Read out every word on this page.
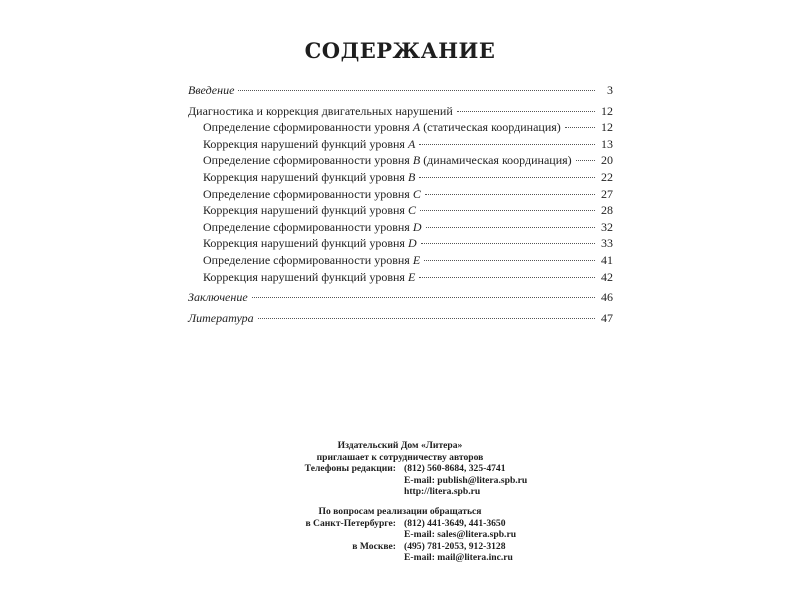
СОДЕРЖАНИЕ
Введение	3
Диагностика и коррекция двигательных нарушений	12
Определение сформированности уровня A (статическая координация)	12
Коррекция нарушений функций уровня A	13
Определение сформированности уровня B (динамическая координация) 20
Коррекция нарушений функций уровня B	22
Определение сформированности уровня C	27
Коррекция нарушений функций уровня C	28
Определение сформированности уровня D	32
Коррекция нарушений функций уровня D	33
Определение сформированности уровня E	41
Коррекция нарушений функций уровня E	42
Заключение	46
Литература	47
Издательский Дом «Литера»
приглашает к сотрудничеству авторов
Телефоны редакции: (812) 560-8684, 325-4741
E-mail: publish@litera.spb.ru
http://litera.spb.ru
По вопросам реализации обращаться
в Санкт-Петербурге: (812) 441-3649, 441-3650
E-mail: sales@litera.spb.ru
в Москве: (495) 781-2053, 912-3128
E-mail: mail@litera.inc.ru
